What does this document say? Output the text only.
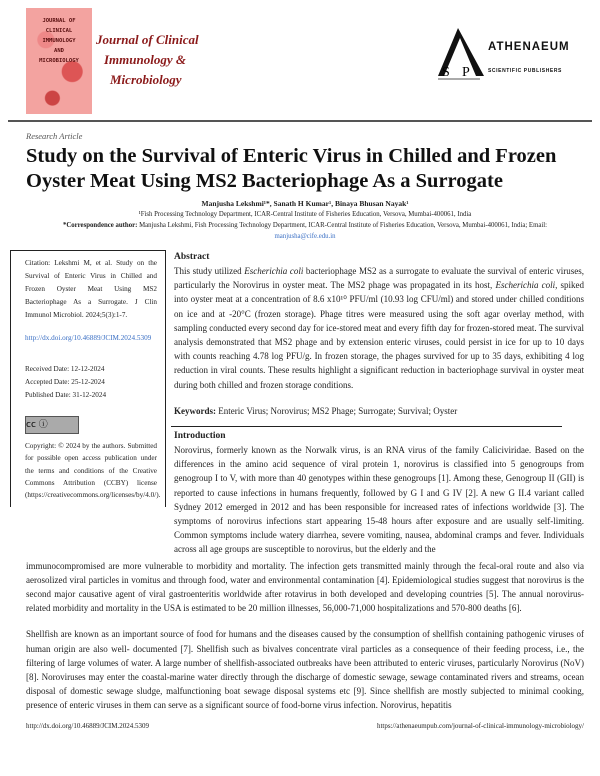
JOURNAL OF
CLINICAL
IMMUNOLOGY
AND
MICROBIOLOGY
Journal of Clinical
Immunology &
Microbiology	S P
ATHENAEUM
SCIENTIFIC PUBLISHERS
Research Article
Study on the Survival of Enteric Virus in Chilled and Frozen Oyster Meat Using MS2 Bacteriophage As a Surrogate
Manjusha Lekshmi¹*, Sanath H Kumar¹, Binaya Bhusan Nayak¹
¹Fish Processing Technology Department, ICAR-Central Institute of Fisheries Education, Versova, Mumbai-400061, India
*Correspondence author: Manjusha Lekshmi, Fish Processing Technology Department, ICAR-Central Institute of Fisheries Education, Versova, Mumbai-400061, India; Email: manjusha@cife.edu.in
Citation: Lekshmi M, et al. Study on the Survival of Enteric Virus in Chilled and Frozen Oyster Meat Using MS2 Bacteriophage As a Surrogate. J Clin Immunol Microbiol. 2024;5(3):1-7.
http://dx.doi.org/10.46889/JCIM.2024.5309
Received Date: 12-12-2024
Accepted Date: 25-12-2024
Published Date: 31-12-2024
cc ⓘ
Copyright: © 2024 by the authors. Submitted for possible open access publication under the terms and conditions of the Creative Commons Attribution (CCBY) license (https://creativecommons.org/licenses/by/4.0/).
Abstract

This study utilized Escherichia coli bacteriophage MS2 as a surrogate to evaluate the survival of enteric viruses, particularly the Norovirus in oyster meat. The MS2 phage was propagated in its host, Escherichia coli, spiked into oyster meat at a concentration of 8.6 x10¹⁰ PFU/ml (10.93 log CFU/ml) and stored under chilled conditions on ice and at -20°C (frozen storage). Phage titres were measured using the soft agar overlay method, with sampling conducted every second day for ice-stored meat and every fifth day for frozen-stored meat. The survival analysis demonstrated that MS2 phage and by extension enteric viruses, could persist in ice for up to 10 days with counts reaching 4.78 log PFU/g. In frozen storage, the phages survived for up to 35 days, exhibiting 4 log reduction in viral counts. These results highlight a significant reduction in bacteriophage survival in oyster meat during both chilled and frozen storage conditions.

Keywords: Enteric Virus; Norovirus; MS2 Phage; Surrogate; Survival; Oyster

Introduction

Norovirus, formerly known as the Norwalk virus, is an RNA virus of the family Caliciviridae. Based on the differences in the amino acid sequence of viral protein 1, norovirus is classified into 5 genogroups from genogroup I to V, with more than 40 genotypes within these genogroups [1]. Among these, Genogroup II (GII) is reported to cause infections in humans frequently, followed by G I and G IV [2]. A new G II.4 variant called Sydney 2012 emerged in 2012 and has been responsible for increased rates of infections worldwide [3]. The symptoms of norovirus infections start appearing 15-48 hours after exposure and are usually self-limiting. Common symptoms include watery diarrhea, severe vomiting, nausea, abdominal cramps and fever. Individuals across all age groups are susceptible to norovirus, but the elderly and the

immunocompromised are more vulnerable to morbidity and mortality. The infection gets transmitted mainly through the fecal-oral route and also via aerosolized viral particles in vomitus and through food, water and environmental contamination [4]. Epidemiological studies suggest that norovirus is the second major causative agent of viral gastroenteritis worldwide after rotavirus in both developed and developing countries [5]. The annual norovirus-related morbidity and mortality in the USA is estimated to be 20 million illnesses, 56,000-71,000 hospitalizations and 570-800 deaths [6].

Shellfish are known as an important source of food for humans and the diseases caused by the consumption of shellfish containing pathogenic viruses of human origin are also well- documented [7]. Shellfish such as bivalves concentrate viral particles as a consequence of their feeding process, i.e., the filtering of large volumes of water. A large number of shellfish-associated outbreaks have been attributed to enteric viruses, particularly Norovirus (NoV) [8]. Noroviruses may enter the coastal-marine water directly through the discharge of domestic sewage, sewage contaminated rivers and streams, ocean disposal of domestic sewage sludge, malfunctioning boat sewage disposal systems etc [9]. Since shellfish are mostly subjected to minimal cooking, presence of enteric viruses in them can serve as a significant source of food-borne virus infection. Norovirus, hepatitis

http://dx.doi.org/10.46889/JCIM.2024.5309	https://athenaeumpub.com/journal-of-clinical-immunology-microbiology/
